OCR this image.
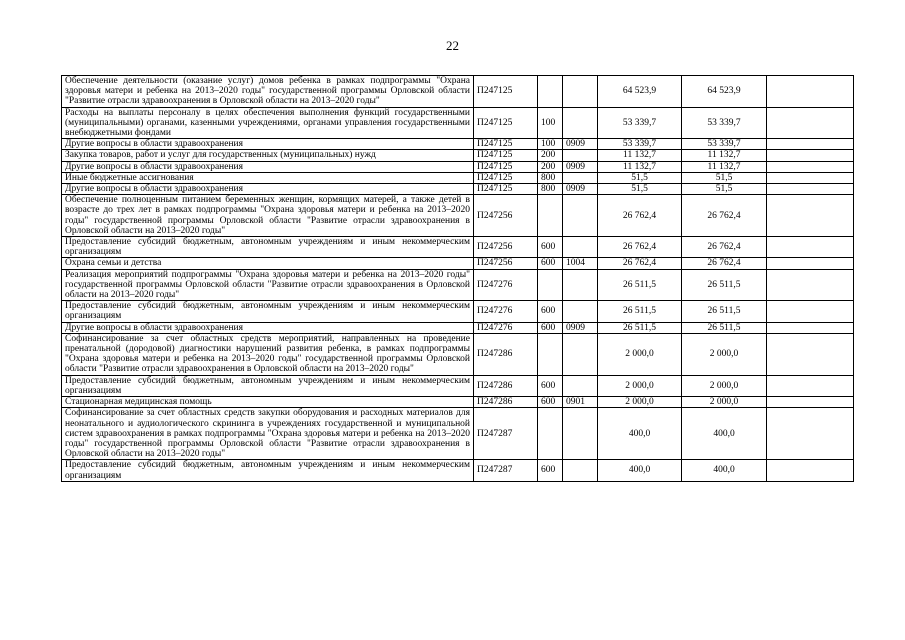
22
Обеспечение деятельности (оказание услуг) домов ребенка в рамках подпрограммы "Охрана здоровья матери и ребенка на 2013–2020 годы" государственной программы Орловской области "Развитие отрасли здравоохранения в Орловской области на 2013–2020 годы"	П247125			64 523,9	64 523,9	
Расходы на выплаты персоналу в целях обеспечения выполнения функций государственными (муниципальными) органами, казенными учреждениями, органами управления государственными внебюджетными фондами	П247125	100		53 339,7	53 339,7	
Другие вопросы в области здравоохранения	П247125	100	0909	53 339,7	53 339,7	
Закупка товаров, работ и услуг для государственных (муниципальных) нужд	П247125	200		11 132,7	11 132,7	
Другие вопросы в области здравоохранения	П247125	200	0909	11 132,7	11 132,7	
Иные бюджетные ассигнования	П247125	800		51,5	51,5	
Другие вопросы в области здравоохранения	П247125	800	0909	51,5	51,5	
Обеспечение полноценным питанием беременных женщин, кормящих матерей, а также детей в возрасте до трех лет в рамках подпрограммы "Охрана здоровья матери и ребенка на 2013–2020 годы" государственной программы Орловской области "Развитие отрасли здравоохранения в Орловской области на 2013–2020 годы"	П247256			26 762,4	26 762,4	
Предоставление субсидий бюджетным, автономным учреждениям и иным некоммерческим организациям	П247256	600		26 762,4	26 762,4	
Охрана семьи и детства	П247256	600	1004	26 762,4	26 762,4	
Реализация мероприятий подпрограммы "Охрана здоровья матери и ребенка на 2013–2020 годы" государственной программы Орловской области "Развитие отрасли здравоохранения в Орловской области на 2013–2020 годы"	П247276			26 511,5	26 511,5	
Предоставление субсидий бюджетным, автономным учреждениям и иным некоммерческим организациям	П247276	600		26 511,5	26 511,5	
Другие вопросы в области здравоохранения	П247276	600	0909	26 511,5	26 511,5	
Софинансирование за счет областных средств мероприятий, направленных на проведение пренатальной (дородовой) диагностики нарушений развития ребенка, в рамках подпрограммы "Охрана здоровья матери и ребенка на 2013–2020 годы" государственной программы Орловской области "Развитие отрасли здравоохранения в Орловской области на 2013–2020 годы"	П247286			2 000,0	2 000,0	
Предоставление субсидий бюджетным, автономным учреждениям и иным некоммерческим организациям	П247286	600		2 000,0	2 000,0	
Стационарная медицинская помощь	П247286	600	0901	2 000,0	2 000,0	
Софинансирование за счет областных средств закупки оборудования и расходных материалов для неонатального и аудиологического скрининга в учреждениях государственной и муниципальной систем здравоохранения в рамках подпрограммы "Охрана здоровья матери и ребенка на 2013–2020 годы" государственной программы Орловской области "Развитие отрасли здравоохранения в Орловской области на 2013–2020 годы"	П247287			400,0	400,0	
Предоставление субсидий бюджетным, автономным учреждениям и иным некоммерческим организациям	П247287	600		400,0	400,0	
